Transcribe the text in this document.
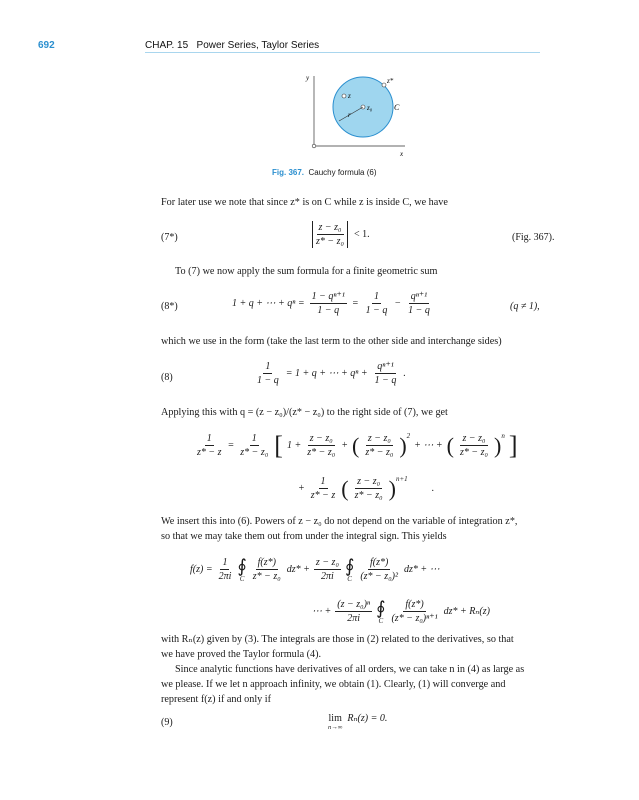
692	CHAP. 15 Power Series, Taylor Series
y
x
z
z₀
z*
C
r
Fig. 367. Cauchy formula (6)
For later use we note that since z* is on C while z is inside C, we have
(7*)	$\frac{\text{z − z₀}}{\text{z* − z₀}} < 1$.	(Fig. 367).
To (7) we now apply the sum formula for a finite geometric sum
(8*)	1 + q + ⋯ + $q^n = \frac{\text{1 − qⁿ⁺¹}}{1 - q} = \frac{1}{1 - q} - \frac{\text{qⁿ⁺¹}}{1 - q}$	(q ≠ 1),
which we use in the form (take the last term to the other side and interchange sides)
(8)	$\frac{1}{1 - q} = 1 + q$ + ⋯ + $q^n + \frac{\text{qⁿ⁺¹}}{1 - q}$ .
Applying this with q = (z − z₀)/(z* − z₀) to the right side of (7), we get
$\frac{1}{z* - z} = \frac{1}{\text{z* − z₀}}$ [ $1 + \frac{\text{z − z₀}}{\text{z* − z₀}}$ + ( $\frac{\text{z − z₀}}{\text{z* − z₀}} )^2$
+ ⋯ + ( $\frac{\text{z − z₀}}{\text{z* − z₀}} )^n$ ]
+ $\frac{1}{z* - z}$ ( $\frac{\text{z − z₀}}{\text{z* − z₀}} )^{n+1}$
.
We insert this into (6). Powers of z − z₀ do not depend on the variable of integration z*,
so that we may take them out from under the integral sign. This yields
$f(z) = \frac{1}{2\pi i}$ ∮
C $\frac{f(z*)}{\text{z* − z₀}} dz* + \frac{\text{z − z₀}}{2\pi i}$ ∮
C $\frac{f(z*)}{\text{(z* − z₀)²}} dz*$ + ⋯
⋯ + $\frac{\text{(z − z₀)ⁿ}}{2\pi i}$ ∮
C $\frac{f(z*)}{\text{(z* − z₀)ⁿ⁺¹}} dz* + R_n(z)$
with Rₙ(z) given by (3). The integrals are those in (2) related to the derivatives, so that
we have proved the Taylor formula (4).
Since analytic functions have derivatives of all orders, we can take n in (4) as large as
we please. If we let n approach infinity, we obtain (1). Clearly, (1) will converge and
represent f(z) if and only if
(9)	lim
n→∞
Rₙ(z) = 0.
